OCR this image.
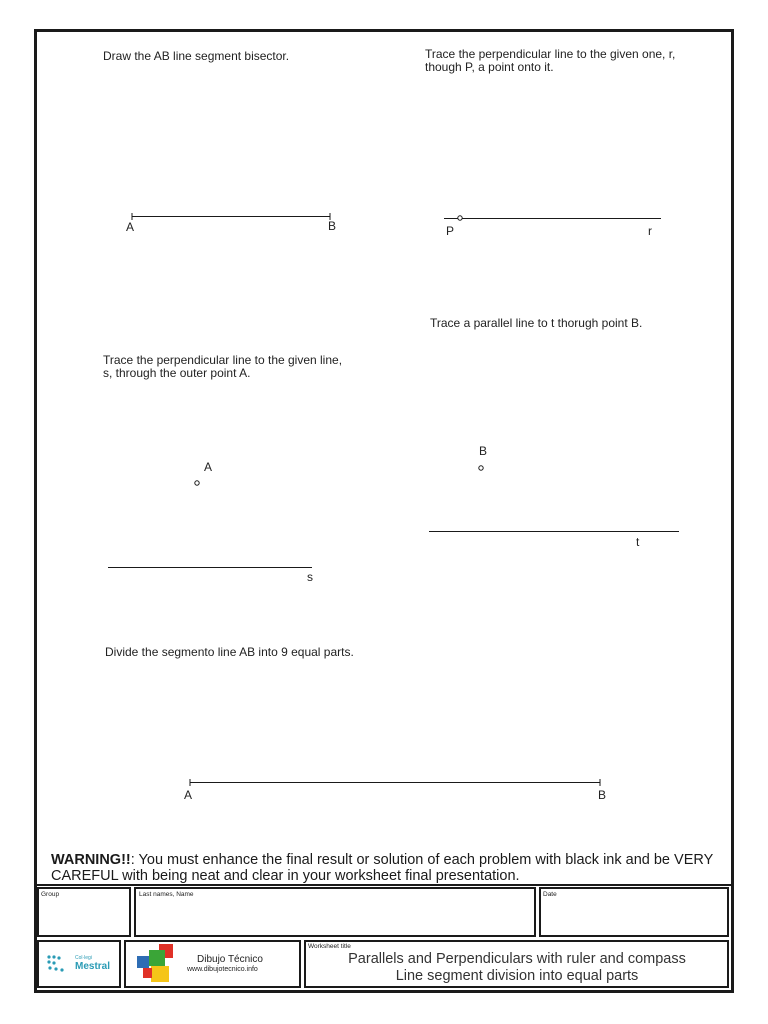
Draw the AB line segment bisector.	Trace the perpendicular line to the given one, r,
though P, a point onto it.
Trace a parallel line to t thorugh point B.
Trace the perpendicular line to the given line,
s, through the outer point A.
Divide the segmento line AB into 9 equal parts.
A	B	P	r
A
s
B
t
A	B
WARNING!!: You must enhance the final result or solution of each problem with black ink and be VERY CAREFUL with being neat and clear in your worksheet final presentation.
Group	Last names, Name	Date
Col·legi
Mestral
Dibujo Técnico
www.dibujotecnico.info
Worksheet title
Parallels and Perpendiculars with ruler and compass
Line segment division into equal parts
